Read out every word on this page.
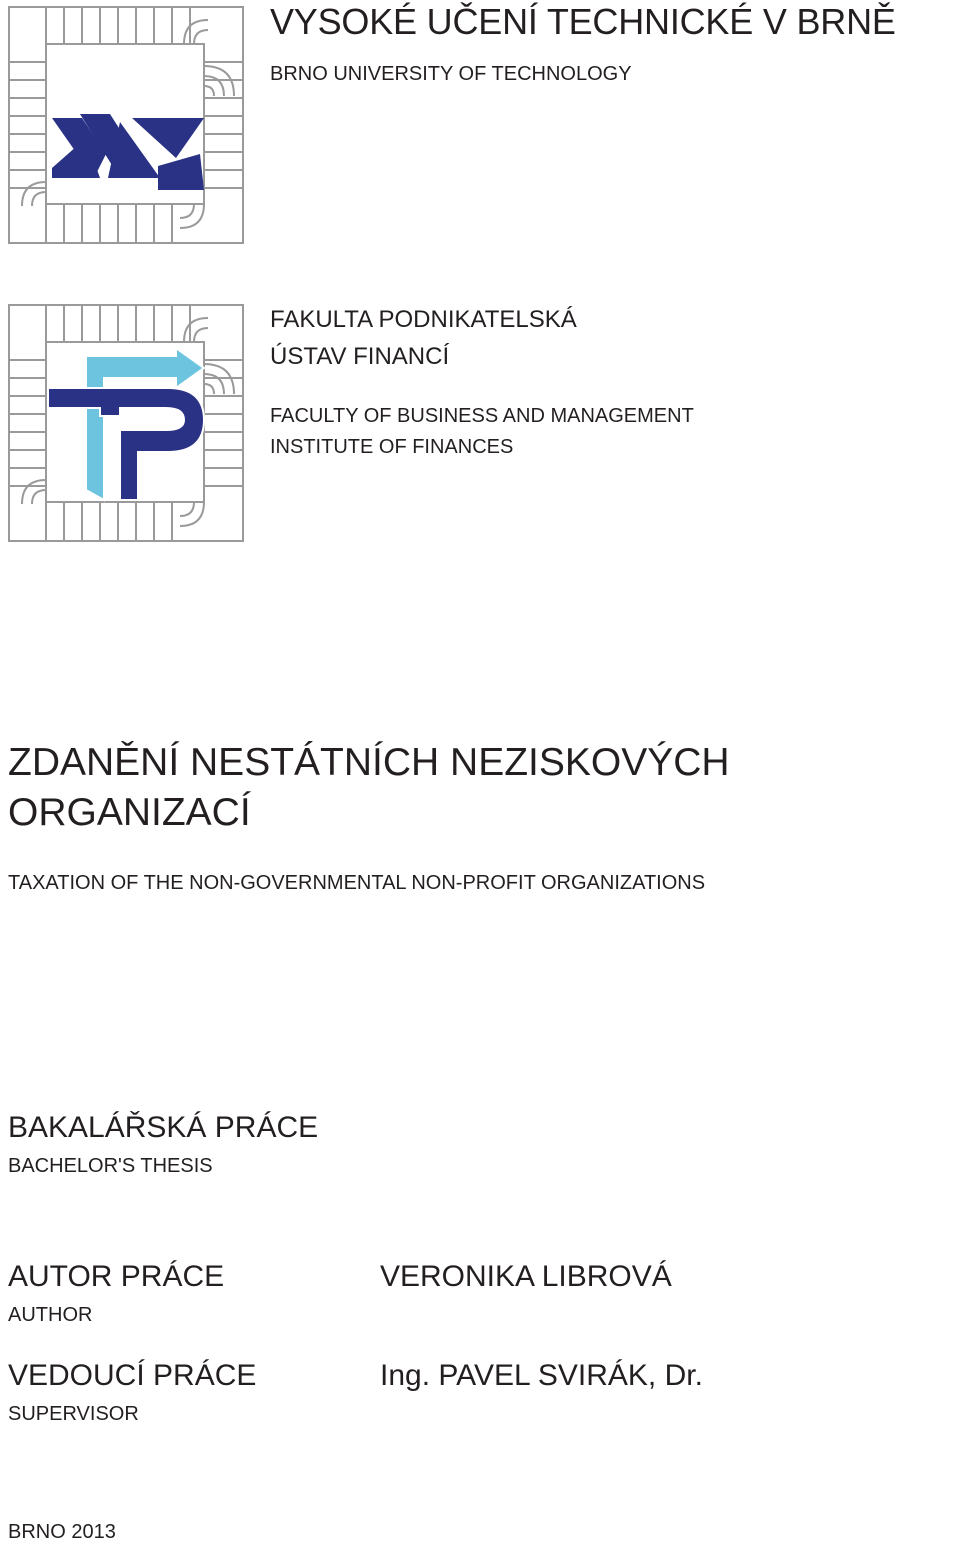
VYSOKÉ UČENÍ TECHNICKÉ V BRNĚ
BRNO UNIVERSITY OF TECHNOLOGY
FAKULTA PODNIKATELSKÁ
ÚSTAV FINANCÍ
FACULTY OF BUSINESS AND MANAGEMENT
INSTITUTE OF FINANCES
ZDANĚNÍ NESTÁTNÍCH NEZISKOVÝCH ORGANIZACÍ
TAXATION OF THE NON-GOVERNMENTAL NON-PROFIT ORGANIZATIONS
BAKALÁŘSKÁ PRÁCE
BACHELOR'S THESIS
AUTOR PRÁCE
AUTHOR
VERONIKA LIBROVÁ
VEDOUCÍ PRÁCE
SUPERVISOR
Ing. PAVEL SVIRÁK, Dr.
BRNO 2013
